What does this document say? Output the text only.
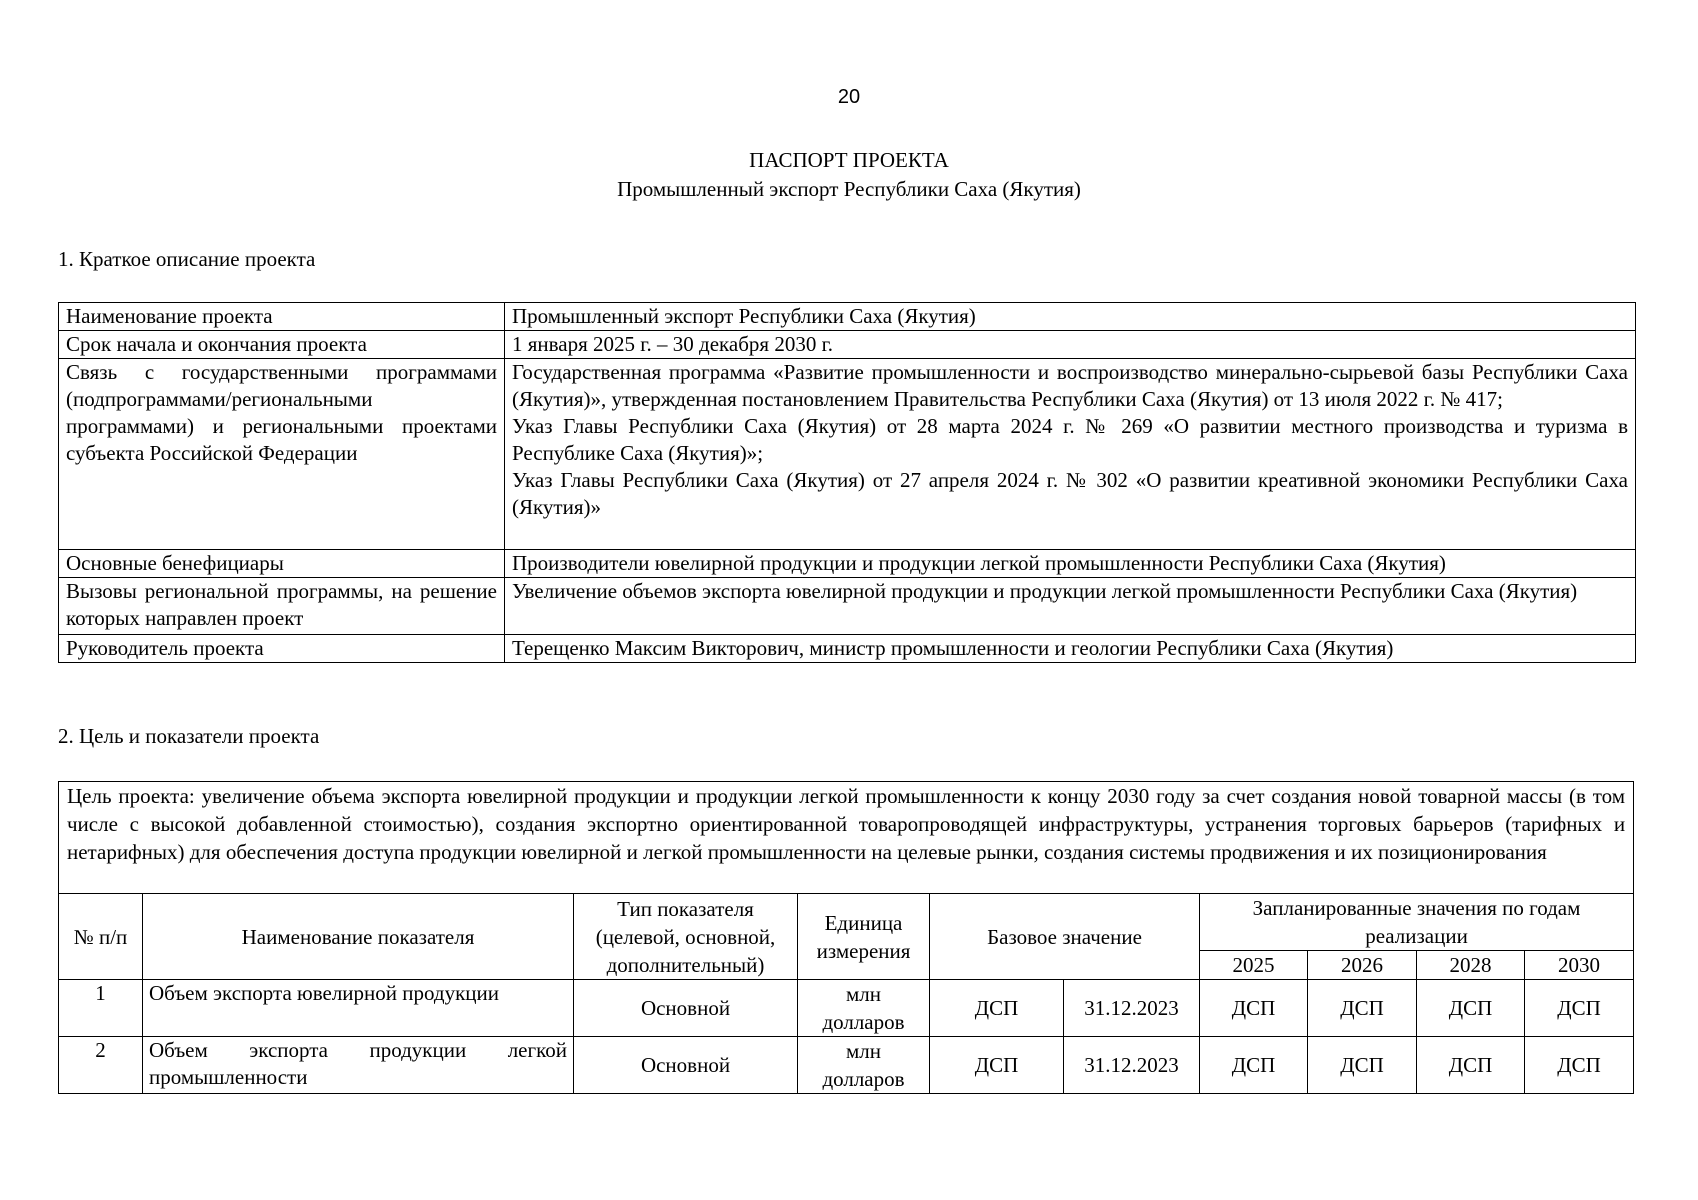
20
ПАСПОРТ ПРОЕКТА
Промышленный экспорт Республики Саха (Якутия)
1. Краткое описание проекта
Наименование проекта	Промышленный экспорт Республики Саха (Якутия)
Срок начала и окончания проекта	1 января 2025 г. – 30 декабря 2030 г.
Связь с государственными программами (подпрограммами/региональными программами) и региональными проектами субъекта Российской Федерации	Государственная программа «Развитие промышленности и воспроизводство минерально-сырьевой базы Республики Саха (Якутия)», утвержденная постановлением Правительства Республики Саха (Якутия) от 13 июля 2022 г. № 417;
Указ Главы Республики Саха (Якутия) от 28 марта 2024 г. № 269 «О развитии местного производства и туризма в Республике Саха (Якутия)»;
Указ Главы Республики Саха (Якутия) от 27 апреля 2024 г. № 302 «О развитии креативной экономики Республики Саха (Якутия)»

Основные бенефициары	Производители ювелирной продукции и продукции легкой промышленности Республики Саха (Якутия)
Вызовы региональной программы, на решение которых направлен проект	Увеличение объемов экспорта ювелирной продукции и продукции легкой промышленности Республики Саха (Якутия)
Руководитель проекта	Терещенко Максим Викторович, министр промышленности и геологии Республики Саха (Якутия)
2. Цель и показатели проекта
Цель проекта: увеличение объема экспорта ювелирной продукции и продукции легкой промышленности к концу 2030 году за счет создания новой товарной массы (в том числе с высокой добавленной стоимостью), создания экспортно ориентированной товаропроводящей инфраструктуры, устранения торговых барьеров (тарифных и нетарифных) для обеспечения доступа продукции ювелирной и легкой промышленности на целевые рынки, создания системы продвижения и их позиционирования									
№ п/п	Наименование показателя	Тип показателя (целевой, основной, дополнительный)	Единица измерения	Базовое значение		Запланированные значения по годам реализации			
						2025	2026	2028	2030
1	Объем экспорта ювелирной продукции	Основной	млн долларов	ДСП	31.12.2023	ДСП	ДСП	ДСП	ДСП
2	Объем экспорта продукции легкой промышленности	Основной	млн долларов	ДСП	31.12.2023	ДСП	ДСП	ДСП	ДСП
